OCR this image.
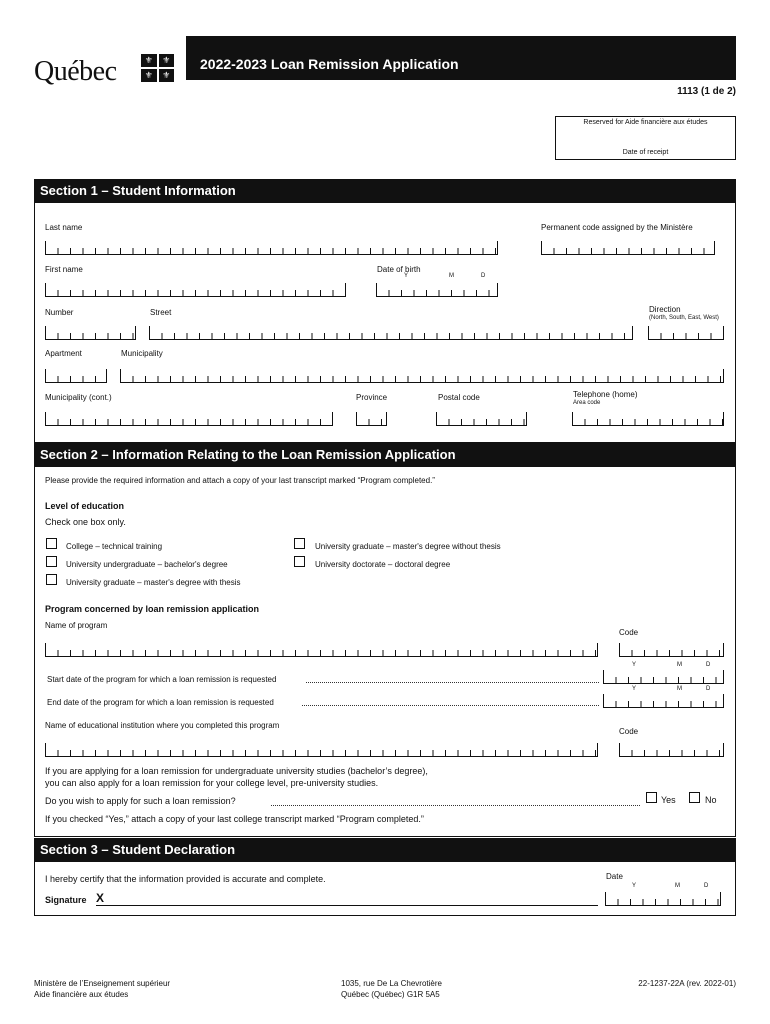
Québec	⚜	⚜
⚜	⚜
2022-2023 Loan Remission Application
1113 (1 de 2)
Reserved for Aide financière aux études
Date of receipt
Section 1 – Student Information
Last name	Permanent code assigned by the Ministère
First name	Date of birth
Y	M	D
Number	Street	Direction
(North, South, East, West)
Apartment	Municipality
Municipality (cont.)	Province	Postal code	Telephone (home)
Area code
Section 2 – Information Relating to the Loan Remission Application
Please provide the required information and attach a copy of your last transcript marked “Program completed.”
Level of education
Check one box only.
College – technical training
University undergraduate – bachelor's degree
University graduate – master's degree with thesis
University graduate – master's degree without thesis
University doctorate – doctoral degree
Program concerned by loan remission application
Name of program
Code
Start date of the program for which a loan remission is requested
Y	M	D
End date of the program for which a loan remission is requested
Y	M	D
Name of educational institution where you completed this program
Code
If you are applying for a loan remission for undergraduate university studies (bachelor’s degree),
you can also apply for a loan remission for your college level, pre-university studies.
Do you wish to apply for such a loan remission?	Yes	No
If you checked “Yes,” attach a copy of your last college transcript marked “Program completed.”
Section 3 – Student Declaration
I hereby certify that the information provided is accurate and complete.
Signature X
Date
Y	M	D
Ministère de l’Enseignement supérieur
Aide financière aux études
1035, rue De La Chevrotière
Québec (Québec) G1R 5A5
22-1237-22A (rev. 2022-01)
